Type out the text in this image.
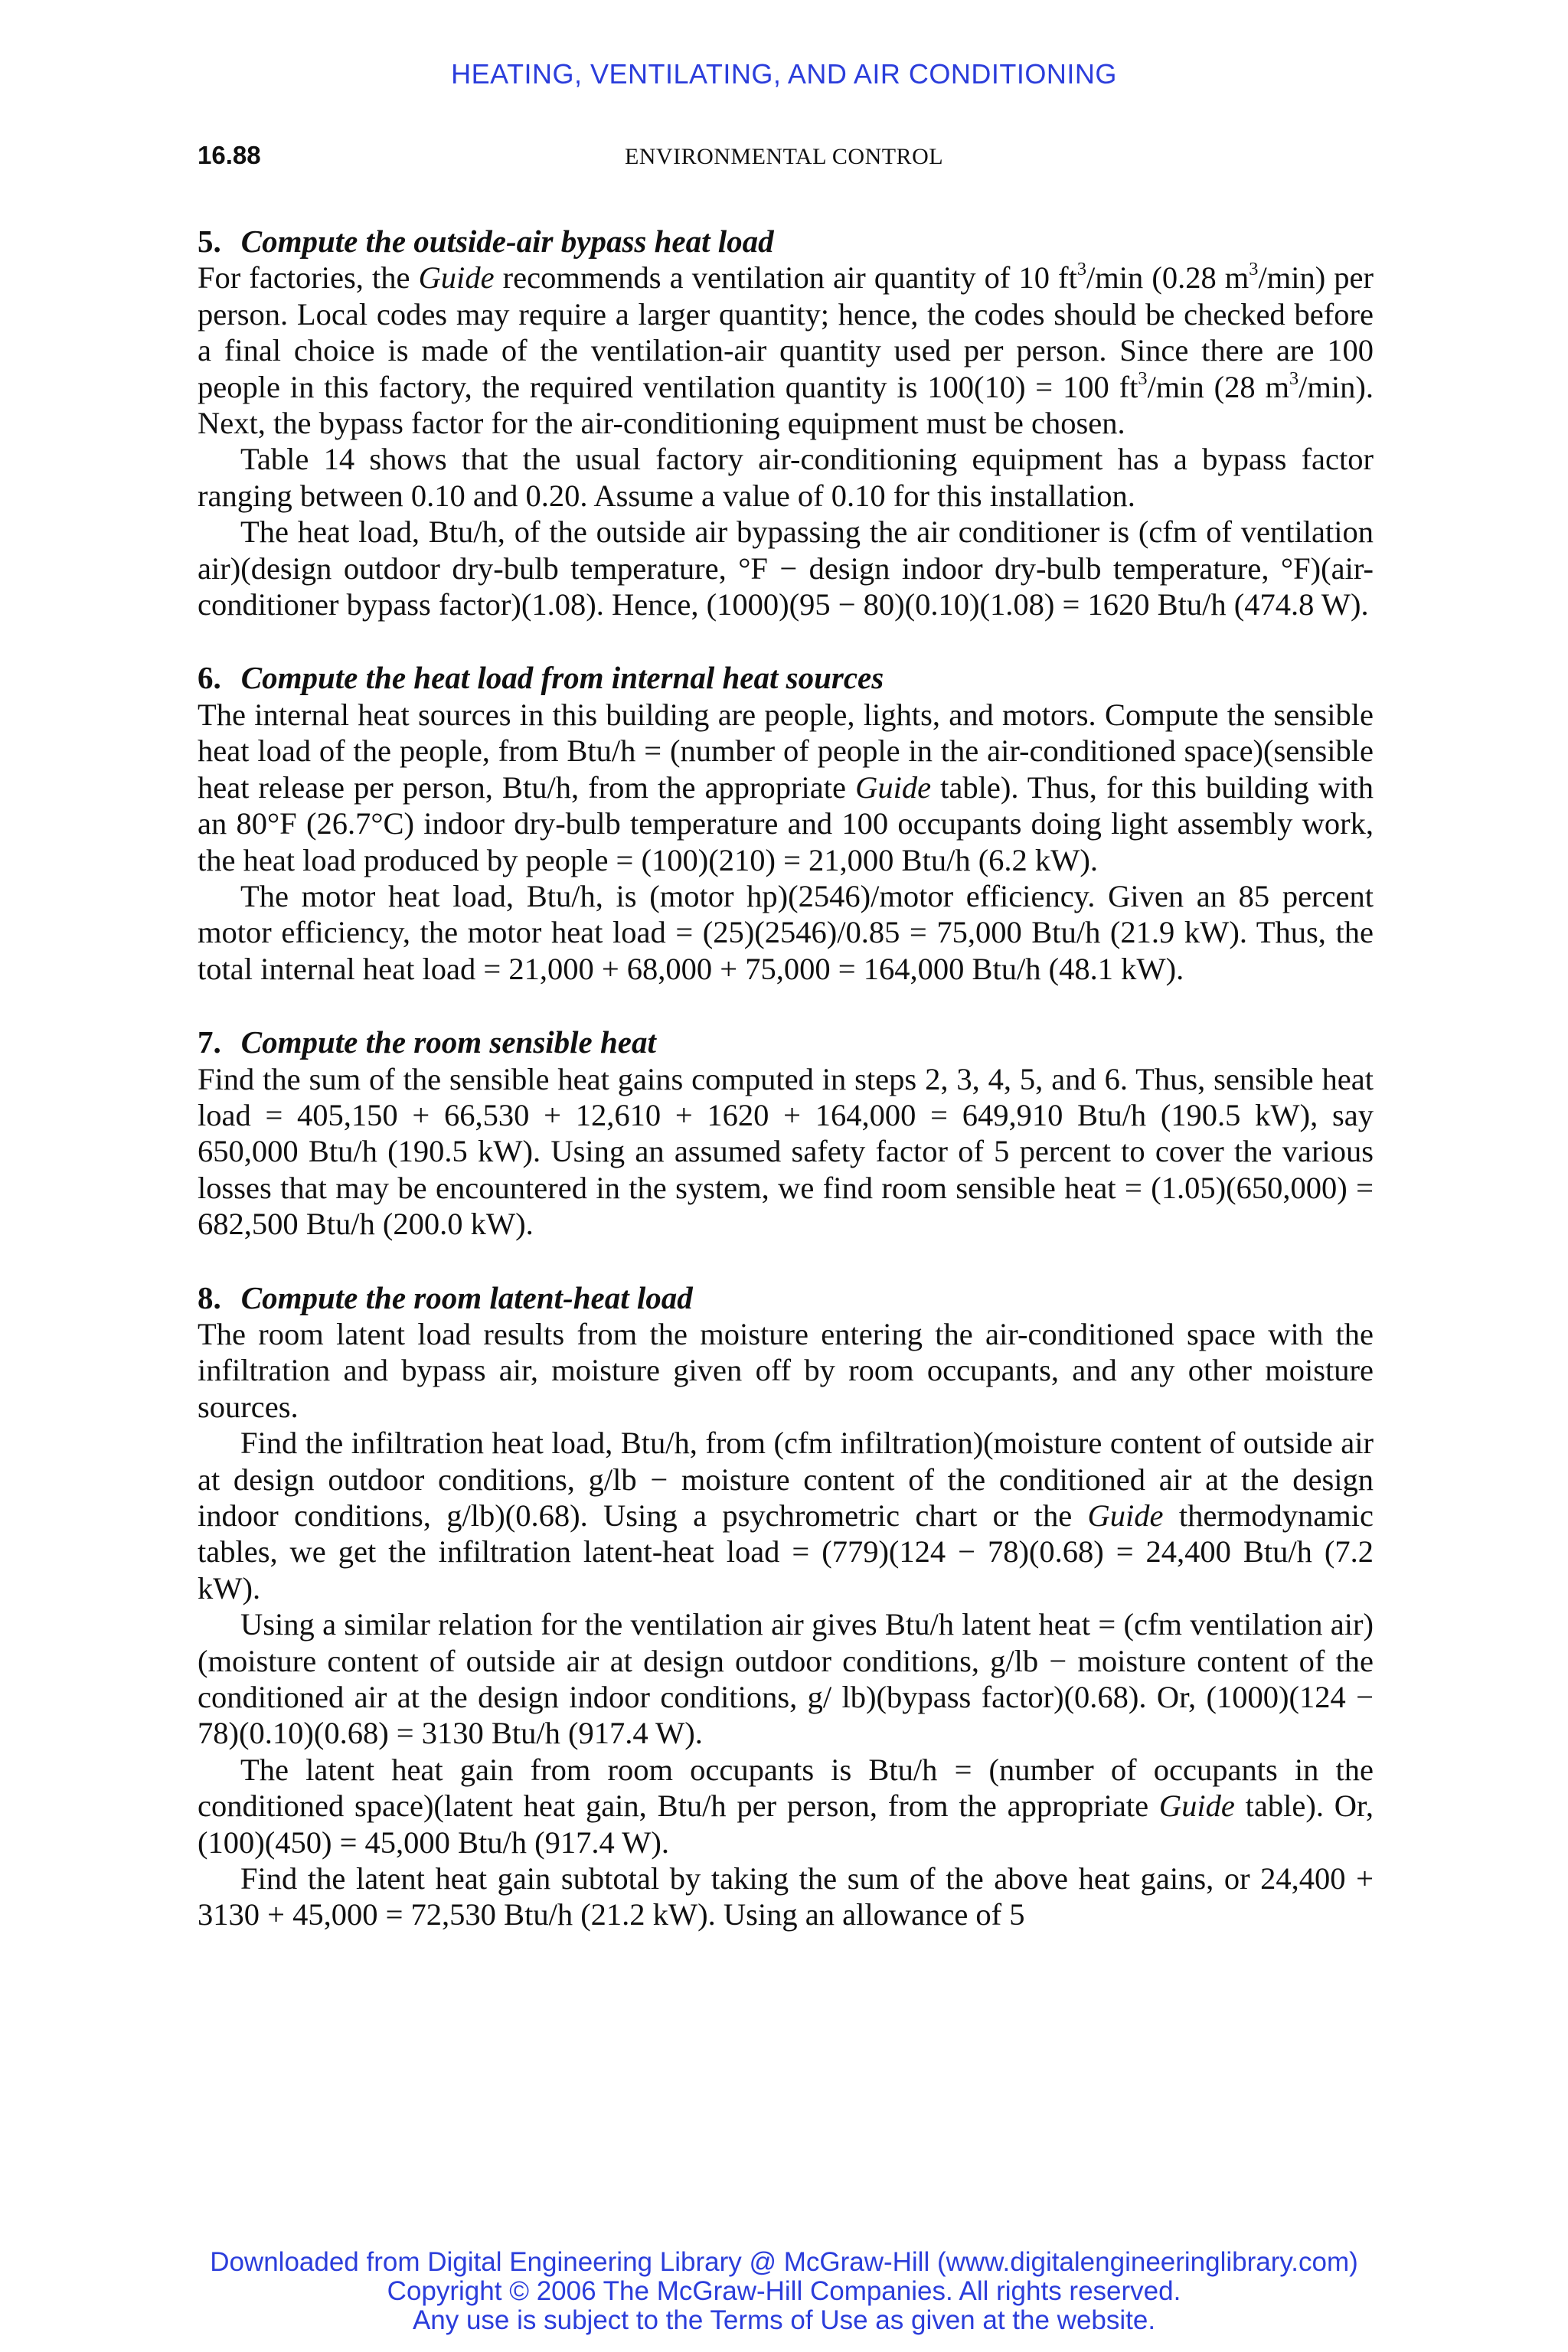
HEATING, VENTILATING, AND AIR CONDITIONING
16.88	ENVIRONMENTAL CONTROL
5. Compute the outside-air bypass heat load

For factories, the Guide recommends a ventilation air quantity of 10 $ft^3/\min$ (0.28 $m^3/\min$) per person. Local codes may require a larger quantity; hence, the codes should be checked before a final choice is made of the ventilation-air quantity used per person. Since there are 100 people in this factory, the required ventilation quantity is 100(10) = 100 $ft^3/\min$ (28 $m^3/\min$). Next, the bypass factor for the air-conditioning equipment must be chosen.

Table 14 shows that the usual factory air-conditioning equipment has a bypass factor ranging between 0.10 and 0.20. Assume a value of 0.10 for this installation.

The heat load, Btu/h, of the outside air bypassing the air conditioner is (cfm of ventilation air)(design outdoor dry-bulb temperature, °F − design indoor dry-bulb temperature, °F)(air-conditioner bypass factor)(1.08). Hence, (1000)(95 − 80)(0.10)(1.08) = 1620 Btu/h (474.8 W).

6. Compute the heat load from internal heat sources

The internal heat sources in this building are people, lights, and motors. Compute the sensible heat load of the people, from Btu/h = (number of people in the air-conditioned space)(sensible heat release per person, Btu/h, from the appropriate Guide table). Thus, for this building with an 80°F (26.7°C) indoor dry-bulb temperature and 100 occupants doing light assembly work, the heat load produced by people = (100)(210) = 21,000 Btu/h (6.2 kW).

The motor heat load, Btu/h, is (motor hp)(2546)/motor efficiency. Given an 85 percent motor efficiency, the motor heat load = (25)(2546)/0.85 = 75,000 Btu/h (21.9 kW). Thus, the total internal heat load = 21,000 + 68,000 + 75,000 = 164,000 Btu/h (48.1 kW).

7. Compute the room sensible heat

Find the sum of the sensible heat gains computed in steps 2, 3, 4, 5, and 6. Thus, sensible heat load = 405,150 + 66,530 + 12,610 + 1620 + 164,000 = 649,910 Btu/h (190.5 kW), say 650,000 Btu/h (190.5 kW). Using an assumed safety factor of 5 percent to cover the various losses that may be encountered in the system, we find room sensible heat = (1.05)(650,000) = 682,500 Btu/h (200.0 kW).

8. Compute the room latent-heat load

The room latent load results from the moisture entering the air-conditioned space with the infiltration and bypass air, moisture given off by room occupants, and any other moisture sources.

Find the infiltration heat load, Btu/h, from (cfm infiltration)(moisture content of outside air at design outdoor conditions, g/lb − moisture content of the conditioned air at the design indoor conditions, g/lb)(0.68). Using a psychrometric chart or the Guide thermodynamic tables, we get the infiltration latent-heat load = (779)(124 − 78)(0.68) = 24,400 Btu/h (7.2 kW).

Using a similar relation for the ventilation air gives Btu/h latent heat = (cfm ventilation air)(moisture content of outside air at design outdoor conditions, g/lb − moisture content of the conditioned air at the design indoor conditions, g/ lb)(bypass factor)(0.68). Or, (1000)(124 − 78)(0.10)(0.68) = 3130 Btu/h (917.4 W).

The latent heat gain from room occupants is Btu/h = (number of occupants in the conditioned space)(latent heat gain, Btu/h per person, from the appropriate Guide table). Or, (100)(450) = 45,000 Btu/h (917.4 W).

Find the latent heat gain subtotal by taking the sum of the above heat gains, or 24,400 + 3130 + 45,000 = 72,530 Btu/h (21.2 kW). Using an allowance of 5

Downloaded from Digital Engineering Library @ McGraw-Hill (www.digitalengineeringlibrary.com)
Copyright © 2006 The McGraw-Hill Companies. All rights reserved.
Any use is subject to the Terms of Use as given at the website.
